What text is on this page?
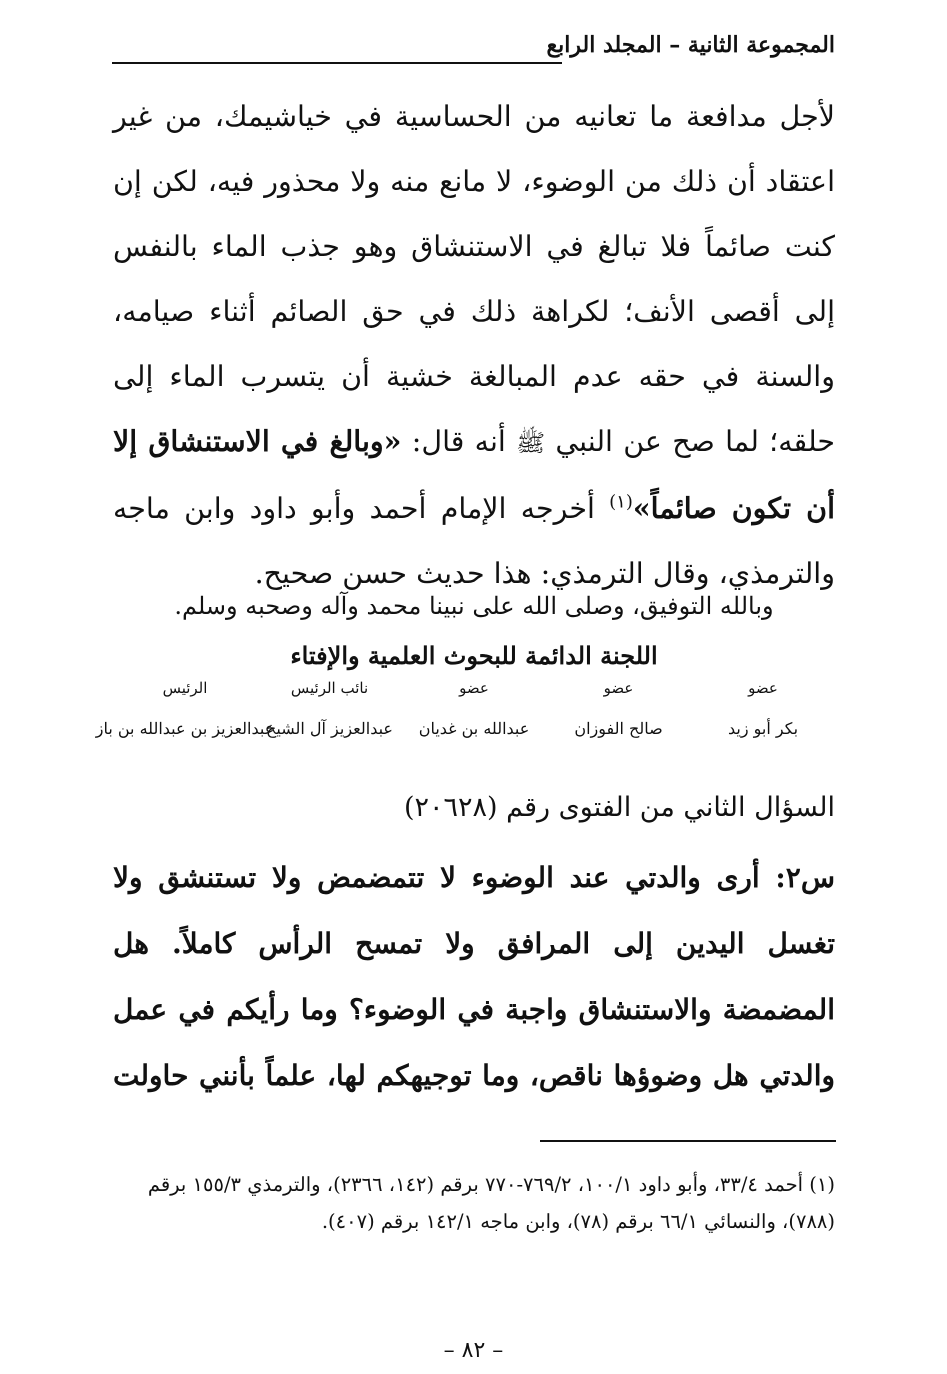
المجموعة الثانية – المجلد الرابع

لأجل مدافعة ما تعانيه من الحساسية في خياشيمك، من غير اعتقاد أن ذلك من الوضوء، لا مانع منه ولا محذور فيه، لكن إن كنت صائماً فلا تبالغ في الاستنشاق وهو جذب الماء بالنفس إلى أقصى الأنف؛ لكراهة ذلك في حق الصائم أثناء صيامه، والسنة في حقه عدم المبالغة خشية أن يتسرب الماء إلى حلقه؛ لما صح عن النبي ﷺ أنه قال: «وبالغ في الاستنشاق إلا أن تكون صائماً»$^{(١)}$ أخرجه الإمام أحمد وأبو داود وابن ماجه والترمذي، وقال الترمذي: هذا حديث حسن صحيح.

وبالله التوفيق، وصلى الله على نبينا محمد وآله وصحبه وسلم.
اللجنة الدائمة للبحوث العلمية والإفتاء
عضو
بكر أبو زيد
عضو
صالح الفوزان
عضو
عبدالله بن غديان
نائب الرئيس
عبدالعزيز آل الشيخ
الرئيس
عبدالعزيز بن عبدالله بن باز

السؤال الثاني من الفتوى رقم (٢٠٦٢٨)

س٢: أرى والدتي عند الوضوء لا تتمضمض ولا تستنشق ولا تغسل اليدين إلى المرافق ولا تمسح الرأس كاملاً. هل المضمضة والاستنشاق واجبة في الوضوء؟ وما رأيكم في عمل والدتي هل وضوؤها ناقص، وما توجيهكم لها، علماً بأنني حاولت

(١) أحمد ٣٣/٤، وأبو داود ١٠٠/١، ٧٦٩/٢-٧٧٠ برقم (١٤٢، ٢٣٦٦)، والترمذي ١٥٥/٣ برقم (٧٨٨)، والنسائي ٦٦/١ برقم (٧٨)، وابن ماجه ١٤٢/١ برقم (٤٠٧).

– ٨٢ –
